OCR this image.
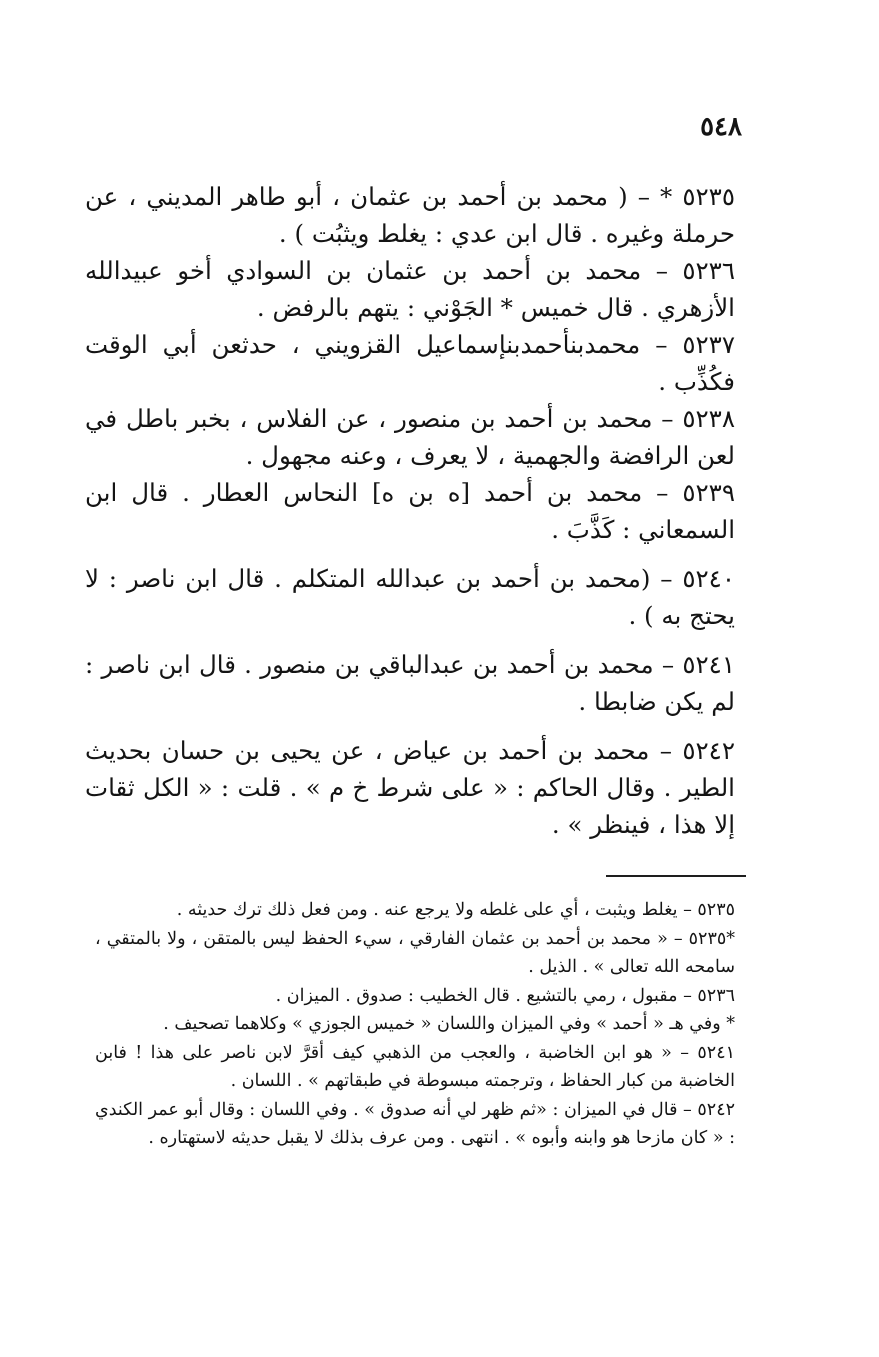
٥٤٨

٥٢٣٥ * – ( محمد بن أحمد بن عثمان ، أبو طاهر المديني ، عن حرملة وغيره . قال ابن عدي : يغلط ويثبُت ) .

٥٢٣٦ – محمد بن أحمد بن عثمان بن السوادي أخو عبيدالله الأزهري . قال خميس * الجَوْني : يتهم بالرفض .

٥٢٣٧ – محمدبنأحمدبنإسماعيل القزويني ، حدثعن أبي الوقت فكُذِّب .

٥٢٣٨ – محمد بن أحمد بن منصور ، عن الفلاس ، بخبر باطل في لعن الرافضة والجهمية ، لا يعرف ، وعنه مجهول .

٥٢٣٩ – محمد بن أحمد [ه بن ه] النحاس العطار . قال ابن السمعاني : كَذَّبَ .

٥٢٤٠ – (محمد بن أحمد بن عبدالله المتكلم . قال ابن ناصر : لا يحتج به ) .

٥٢٤١ – محمد بن أحمد بن عبدالباقي بن منصور . قال ابن ناصر : لم يكن ضابطا .

٥٢٤٢ – محمد بن أحمد بن عياض ، عن يحيى بن حسان بحديث الطير . وقال الحاكم : « على شرط خ م » . قلت : « الكل ثقات إلا هذا ، فينظر » .

٥٢٣٥ – يغلط ويثبت ، أي على غلطه ولا يرجع عنه . ومن فعل ذلك ترك حديثه .

*٥٢٣٥ – « محمد بن أحمد بن عثمان الفارقي ، سيء الحفظ ليس بالمتقن ، ولا بالمتقي ، سامحه الله تعالى » . الذيل .

٥٢٣٦ – مقبول ، رمي بالتشيع . قال الخطيب : صدوق . الميزان .

* وفي هـ « أحمد » وفي الميزان واللسان « خميس الجوزي » وكلاهما تصحيف .

٥٢٤١ – « هو ابن الخاضبة ، والعجب من الذهبي كيف أقرَّ لابن ناصر على هذا ! فابن الخاضبة من كبار الحفاظ ، وترجمته مبسوطة في طبقاتهم » . اللسان .

٥٢٤٢ – قال في الميزان : «ثم ظهر لي أنه صدوق » . وفي اللسان : وقال أبو عمر الكندي : « كان مازحا هو وابنه وأبوه » . انتهى . ومن عرف بذلك لا يقبل حديثه لاستهتاره .
